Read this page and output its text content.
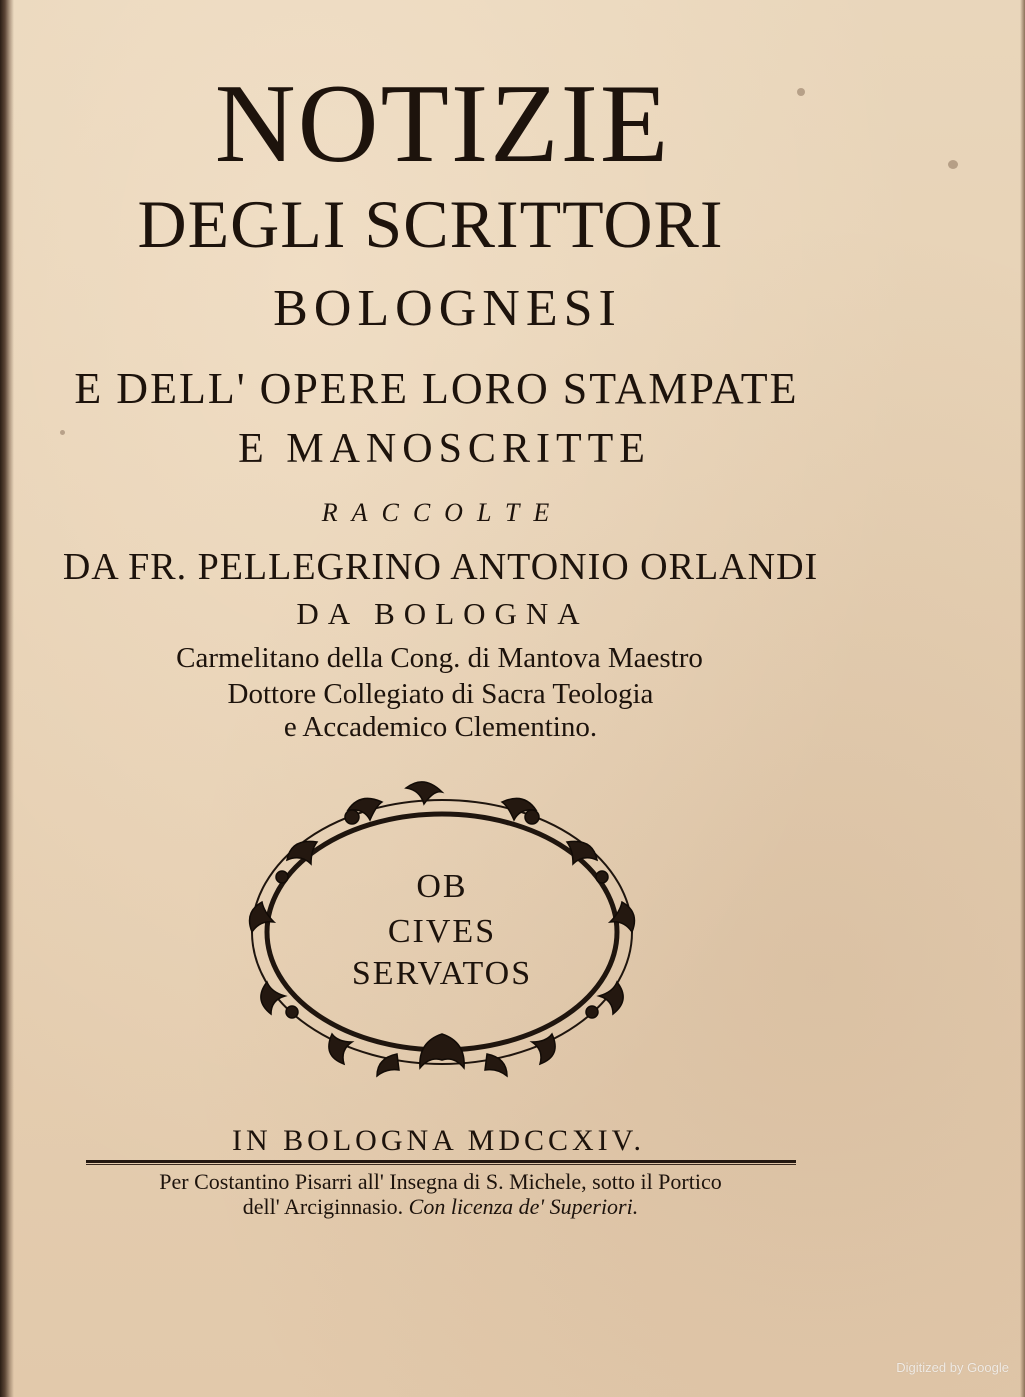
NOTIZIE
DEGLI SCRITTORI
BOLOGNESI
E DELL' OPERE LORO STAMPATE
E MANOSCRITTE
RACCOLTE
DA FR. PELLEGRINO ANTONIO ORLANDI
DA BOLOGNA
Carmelitano della Cong. di Mantova Maestro
Dottore Collegiato di Sacra Teologia
e Accademico Clementino.
OB
CIVES
SERVATOS
IN BOLOGNA MDCCXIV.
Per Costantino Pisarri all' Insegna di S. Michele, sotto il Portico
dell' Arciginnasio. Con licenza de' Superiori.
Digitized by Google
